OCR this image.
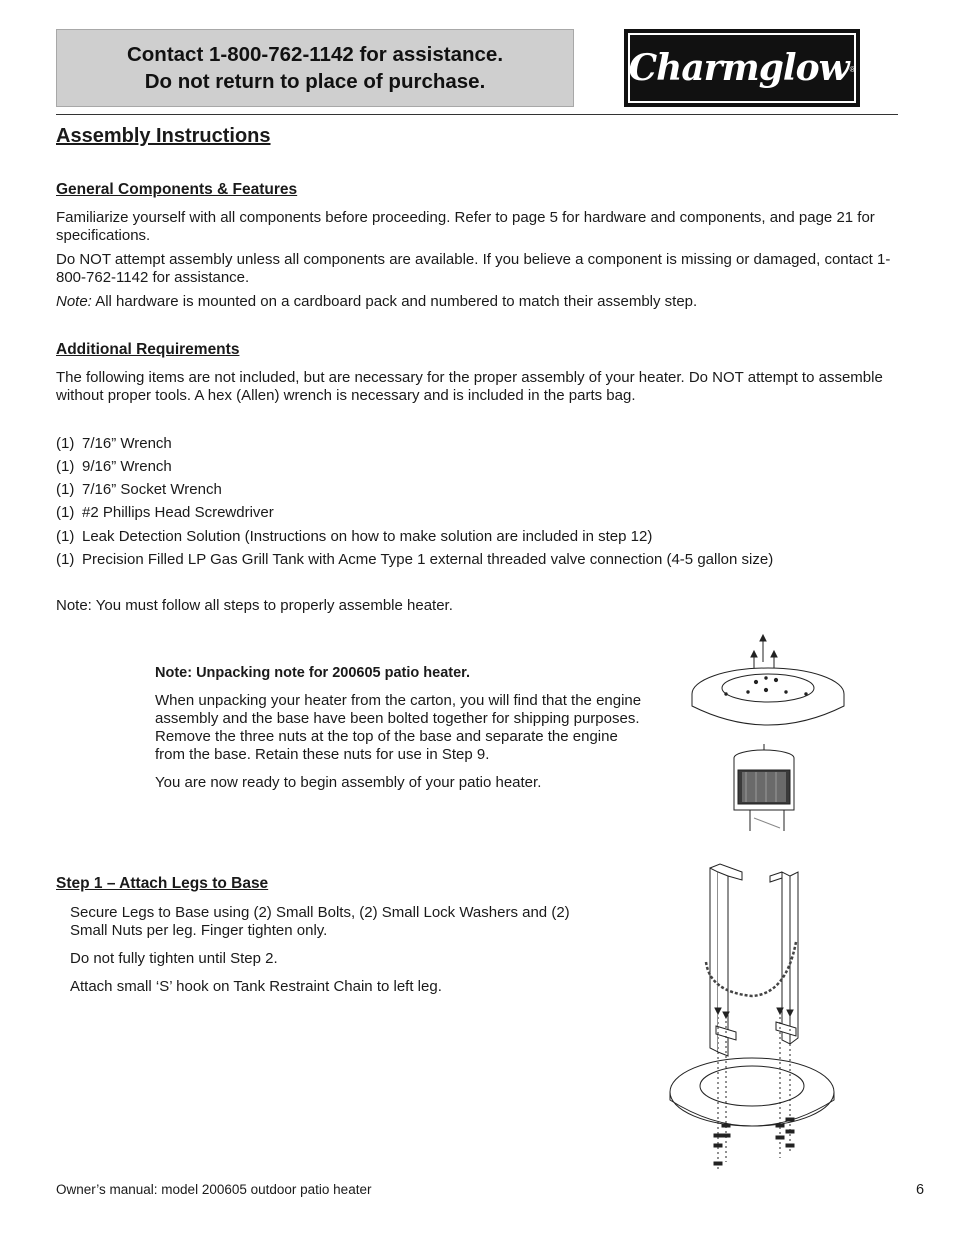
Contact 1-800-762-1142 for assistance.
Do not return to place of purchase.	Charmglow ®
Assembly Instructions
General Components & Features
Familiarize yourself with all components before proceeding. Refer to page 5 for hardware and components, and page 21 for specifications.
Do NOT attempt assembly unless all components are available. If you believe a component is missing or damaged, contact 1-800-762-1142 for assistance.
Note: All hardware is mounted on a cardboard pack and numbered to match their assembly step.
Additional Requirements
The following items are not included, but are necessary for the proper assembly of your heater. Do NOT attempt to assemble without proper tools. A hex (Allen) wrench is necessary and is included in the parts bag.
(1) 7/16” Wrench
(1) 9/16” Wrench
(1) 7/16” Socket Wrench
(1) #2 Phillips Head Screwdriver
(1) Leak Detection Solution (Instructions on how to make solution are included in step 12)
(1) Precision Filled LP Gas Grill Tank with Acme Type 1 external threaded valve connection (4-5 gallon size)
Note: You must follow all steps to properly assemble heater.

Note: Unpacking note for 200605 patio heater.

When unpacking your heater from the carton, you will find that the engine assembly and the base have been bolted together for shipping purposes. Remove the three nuts at the top of the base and separate the engine from the base. Retain these nuts for use in Step 9.

You are now ready to begin assembly of your patio heater.

Step 1 – Attach Legs to Base

Secure Legs to Base using (2) Small Bolts, (2) Small Lock Washers and (2) Small Nuts per leg. Finger tighten only.

Do not fully tighten until Step 2.

Attach small ‘S’ hook on Tank Restraint Chain to left leg.

Owner’s manual: model 200605 outdoor patio heater	6
